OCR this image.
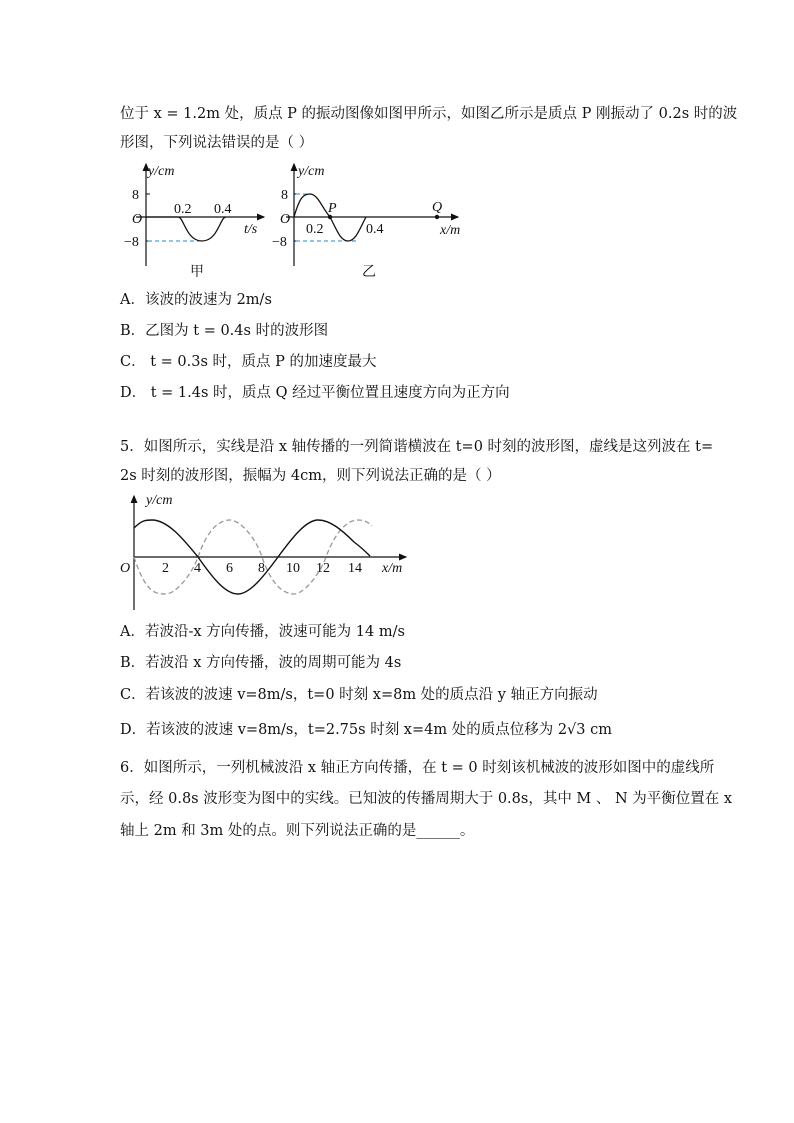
位于 x = 1.2m 处，质点 P 的振动图像如图甲所示，如图乙所示是质点 P 刚振动了 0.2s 时的波
形图，下列说法错误的是（ ）
y/cm
8
−8
O
0.2 0.4
t/s
甲
y/cm
8
−8
O
P	Q
0.2	0.4	x/m
乙
A．该波的波速为 2m/s
B．乙图为 t = 0.4s 时的波形图
C． t = 0.3s 时，质点 P 的加速度最大
D． t = 1.4s 时，质点 Q 经过平衡位置且速度方向为正方向
5．如图所示，实线是沿 x 轴传播的一列简谐横波在 t=0 时刻的波形图，虚线是这列波在 t=
2s 时刻的波形图，振幅为 4cm，则下列说法正确的是（ ）
y/cm
O 2 4 6 8 10 12 14 x/m
A．若波沿-x 方向传播，波速可能为 14 m/s
B．若波沿 x 方向传播，波的周期可能为 4s
C．若该波的波速 v=8m/s，t=0 时刻 x=8m 处的质点沿 y 轴正方向振动
D．若该波的波速 v=8m/s，t=2.75s 时刻 x=4m 处的质点位移为 2√3 cm
6．如图所示，一列机械波沿 x 轴正方向传播，在 t = 0 时刻该机械波的波形如图中的虚线所
示，经 0.8s 波形变为图中的实线。已知波的传播周期大于 0.8s，其中 M 、 N 为平衡位置在 x
轴上 2m 和 3m 处的点。则下列说法正确的是______。
